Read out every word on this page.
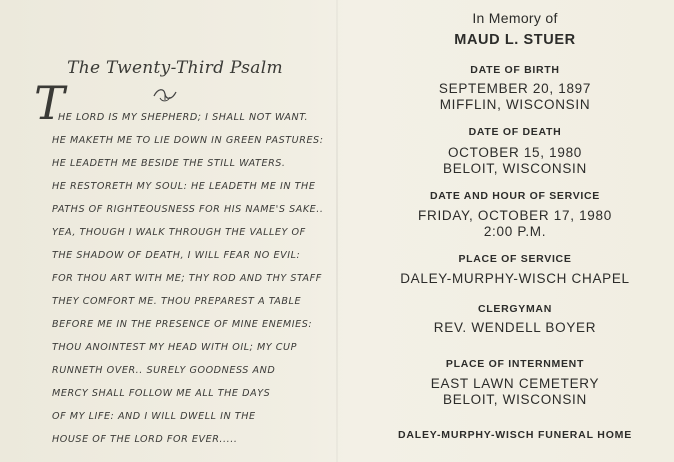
The Twenty-Third Psalm
T
HE LORD IS MY SHEPHERD; I SHALL NOT WANT.
HE MAKETH ME TO LIE DOWN IN GREEN PASTURES:
HE LEADETH ME BESIDE THE STILL WATERS.
HE RESTORETH MY SOUL: HE LEADETH ME IN THE
PATHS OF RIGHTEOUSNESS FOR HIS NAME'S SAKE..
YEA, THOUGH I WALK THROUGH THE VALLEY OF
THE SHADOW OF DEATH, I WILL FEAR NO EVIL:
FOR THOU ART WITH ME; THY ROD AND THY STAFF
THEY COMFORT ME. THOU PREPAREST A TABLE
BEFORE ME IN THE PRESENCE OF MINE ENEMIES:
THOU ANOINTEST MY HEAD WITH OIL; MY CUP
RUNNETH OVER.. SURELY GOODNESS AND
MERCY SHALL FOLLOW ME ALL THE DAYS
OF MY LIFE: AND I WILL DWELL IN THE
HOUSE OF THE LORD FOR EVER.....
In Memory of
MAUD L. STUER
DATE OF BIRTH
SEPTEMBER 20, 1897
MIFFLIN, WISCONSIN
DATE OF DEATH
OCTOBER 15, 1980
BELOIT, WISCONSIN
DATE AND HOUR OF SERVICE
FRIDAY, OCTOBER 17, 1980
2:00 P.M.
PLACE OF SERVICE
DALEY-MURPHY-WISCH CHAPEL
CLERGYMAN
REV. WENDELL BOYER
PLACE OF INTERNMENT
EAST LAWN CEMETERY
BELOIT, WISCONSIN
DALEY-MURPHY-WISCH FUNERAL HOME
